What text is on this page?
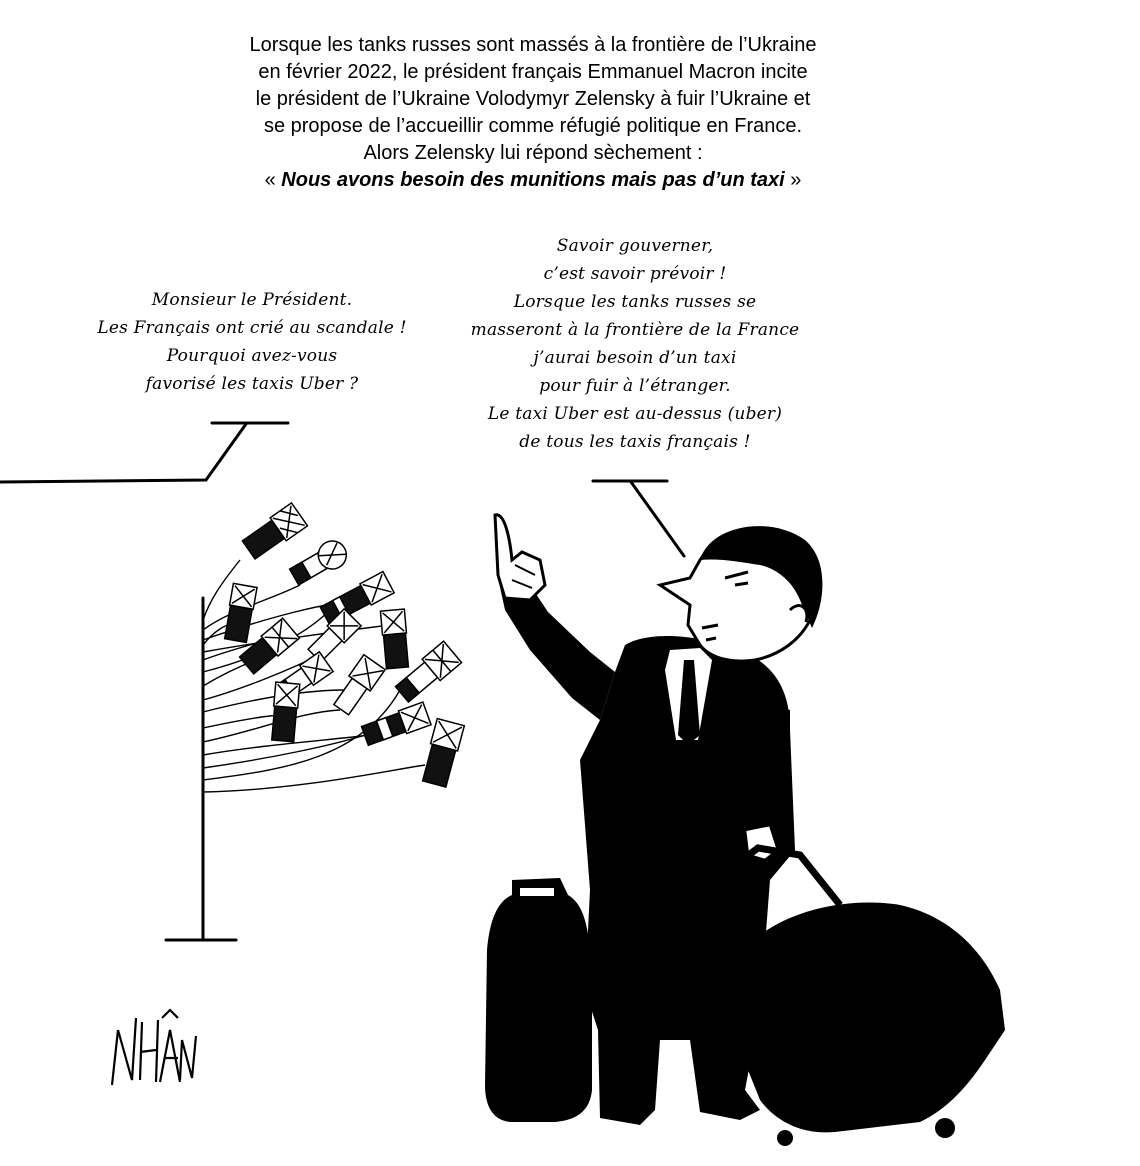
Lorsque les tanks russes sont massés à la frontière de l’Ukraine
en février 2022, le président français Emmanuel Macron incite
le président de l’Ukraine Volodymyr Zelensky à fuir l’Ukraine et
se propose de l’accueillir comme réfugié politique en France.
Alors Zelensky lui répond sèchement :
« Nous avons besoin des munitions mais pas d’un taxi »
Monsieur le Président.
Les Français ont crié au scandale !
Pourquoi avez-vous
favorisé les taxis Uber ?
Savoir gouverner,
c’est savoir prévoir !
Lorsque les tanks russes se
masseront à la frontière de la France
j’aurai besoin d’un taxi
pour fuir à l’étranger.
Le taxi Uber est au-dessus (uber)
de tous les taxis français !
